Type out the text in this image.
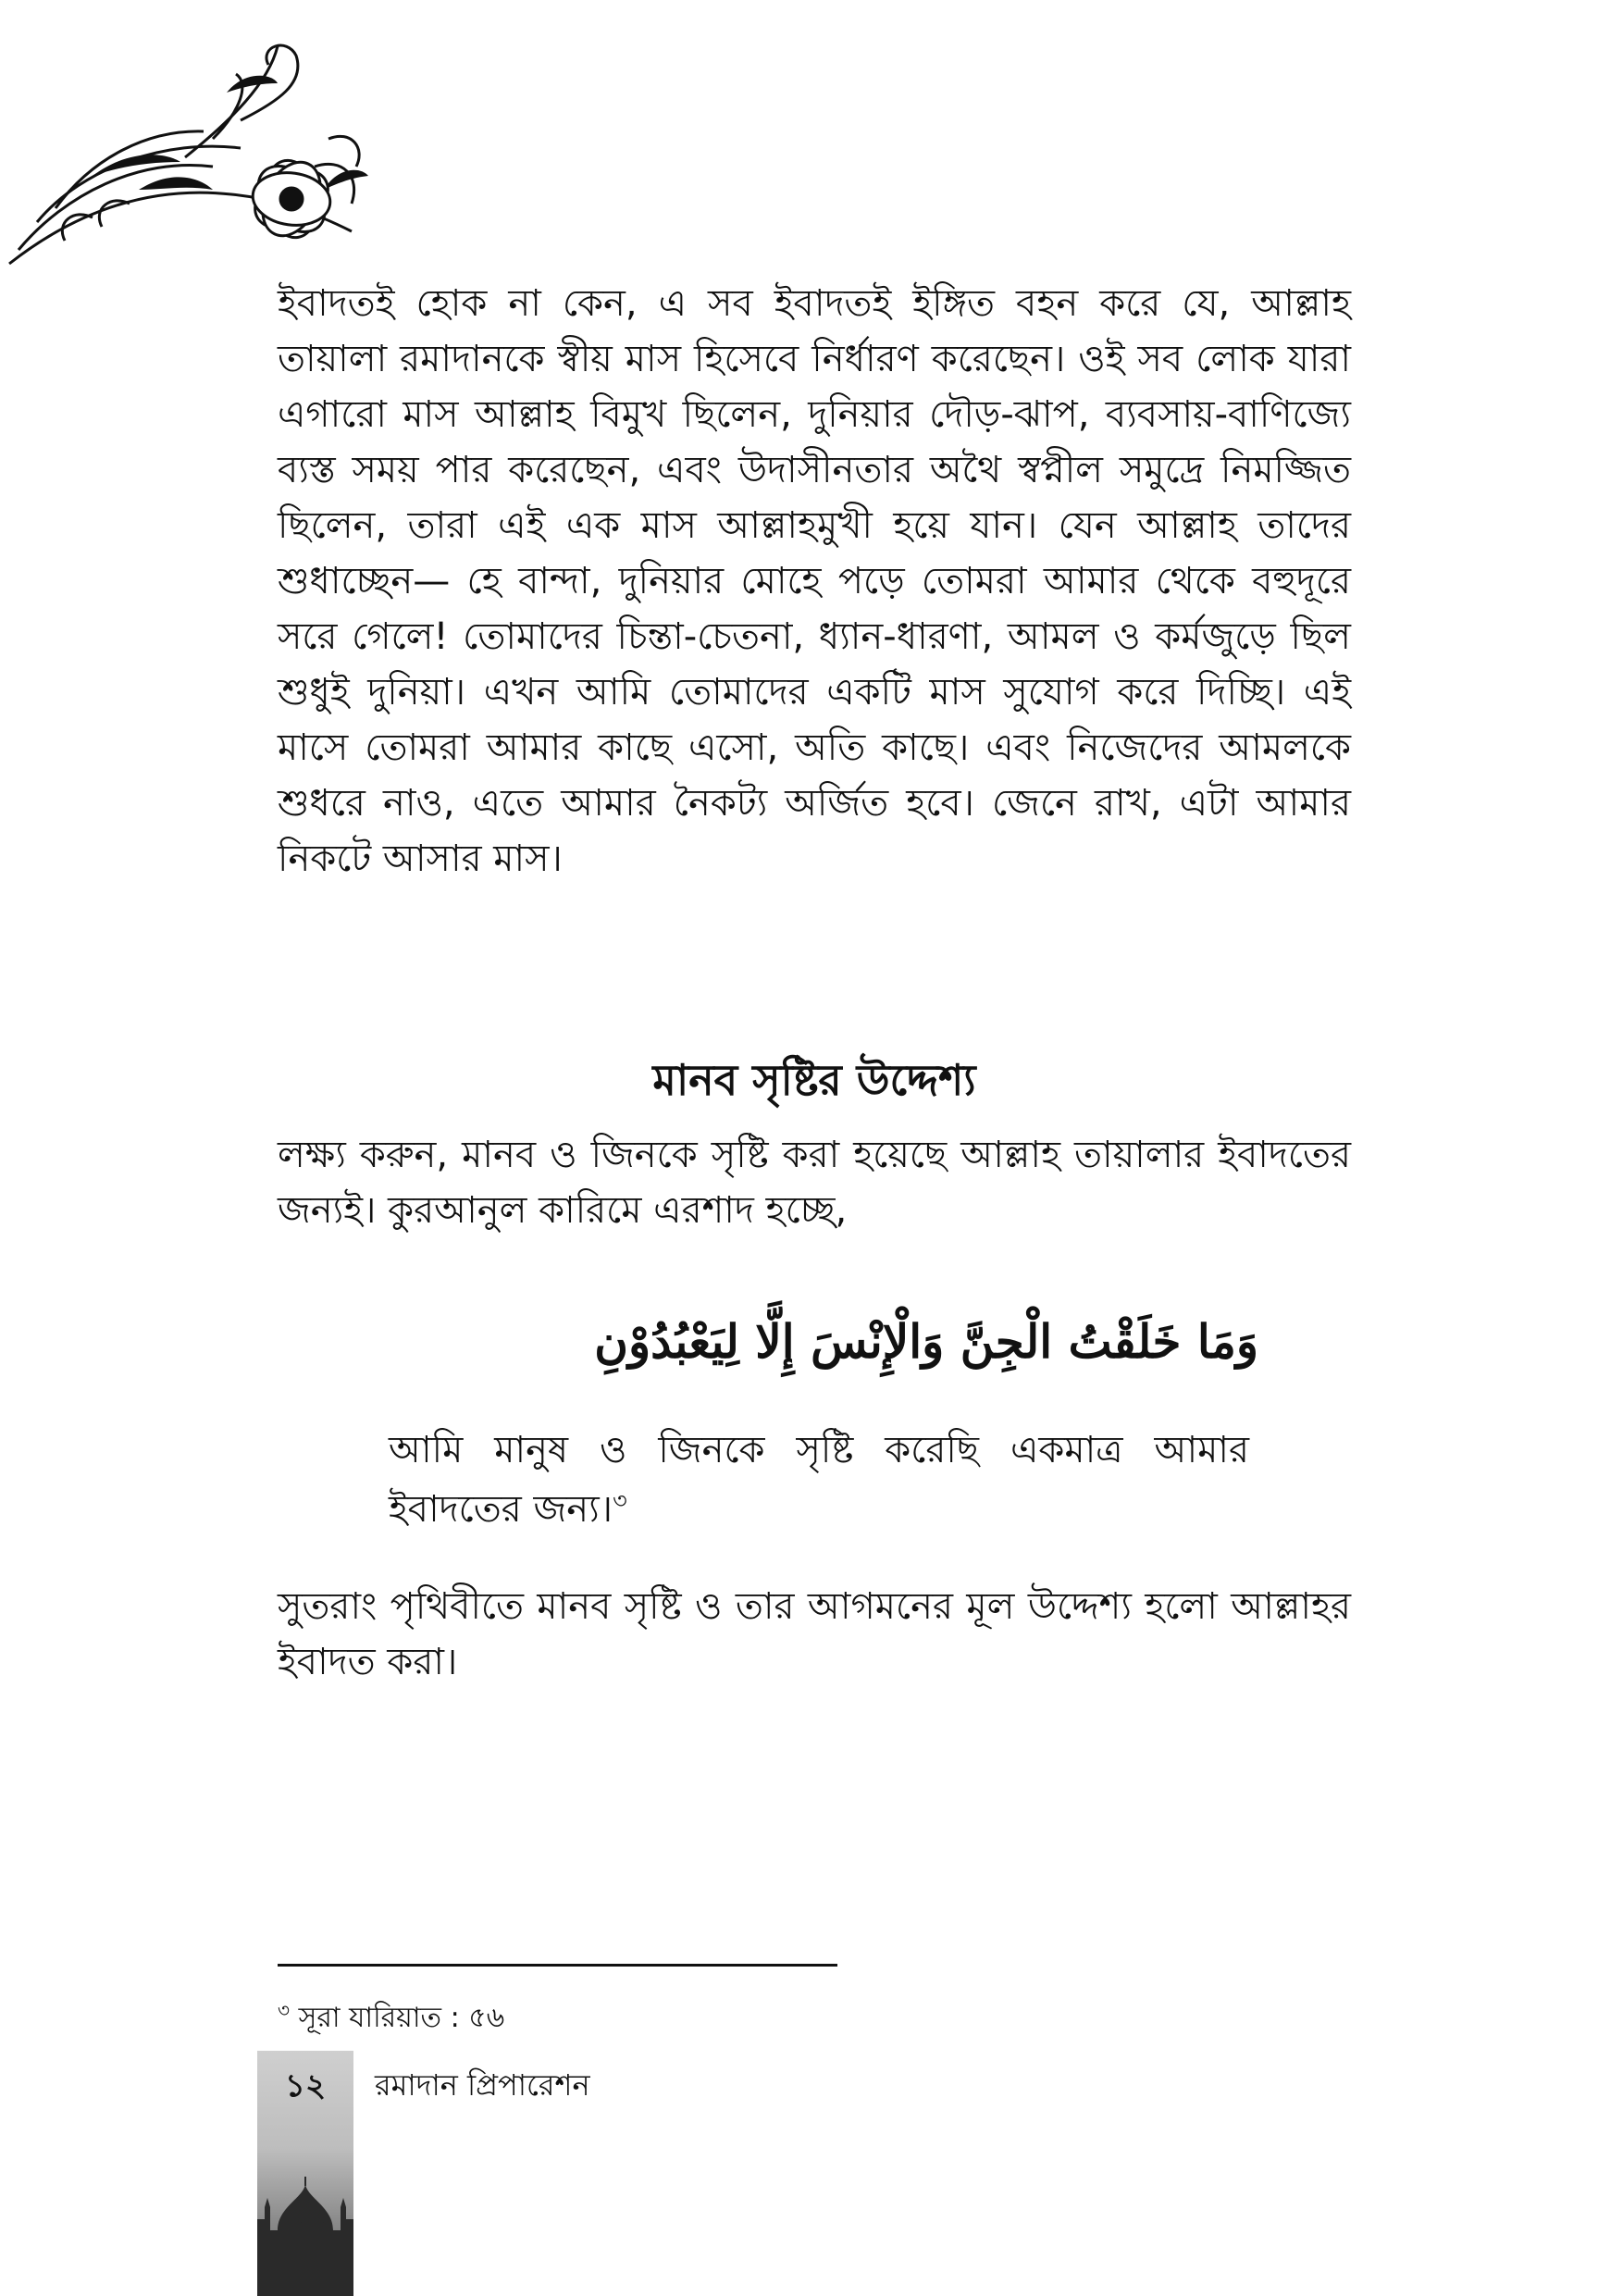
ইবাদতই হোক না কেন, এ সব ইবাদতই ইঙ্গিত বহন করে যে, আল্লাহ তায়ালা রমাদানকে স্বীয় মাস হিসেবে নির্ধারণ করেছেন। ওই সব লোক যারা এগারো মাস আল্লাহ বিমুখ ছিলেন, দুনিয়ার দৌড়-ঝাপ, ব্যবসায়-বাণিজ্যে ব্যস্ত সময় পার করেছেন, এবং উদাসীনতার অথৈ স্বপ্নীল সমুদ্রে নিমজ্জিত ছিলেন, তারা এই এক মাস আল্লাহমুখী হয়ে যান। যেন আল্লাহ তাদের শুধাচ্ছেন— হে বান্দা, দুনিয়ার মোহে পড়ে তোমরা আমার থেকে বহুদূরে সরে গেলে! তোমাদের চিন্তা-চেতনা, ধ্যান-ধারণা, আমল ও কর্মজুড়ে ছিল শুধুই দুনিয়া। এখন আমি তোমাদের একটি মাস সুযোগ করে দিচ্ছি। এই মাসে তোমরা আমার কাছে এসো, অতি কাছে। এবং নিজেদের আমলকে শুধরে নাও, এতে আমার নৈকট্য অর্জিত হবে। জেনে রাখ, এটা আমার নিকটে আসার মাস।

মানব সৃষ্টির উদ্দেশ্য

লক্ষ্য করুন, মানব ও জিনকে সৃষ্টি করা হয়েছে আল্লাহ তায়ালার ইবাদতের জন্যই। কুরআনুল কারিমে এরশাদ হচ্ছে,

وَمَا خَلَقْتُ الْجِنَّ وَالْإِنْسَ إِلَّا لِيَعْبُدُوْنِ

আমি মানুষ ও জিনকে সৃষ্টি করেছি একমাত্র আমার ইবাদতের জন্য।$^৩$

সুতরাং পৃথিবীতে মানব সৃষ্টি ও তার আগমনের মূল উদ্দেশ্য হলো আল্লাহর ইবাদত করা।

$^৩$ সূরা যারিয়াত : ৫৬
১২	রমাদান প্রিপারেশন
